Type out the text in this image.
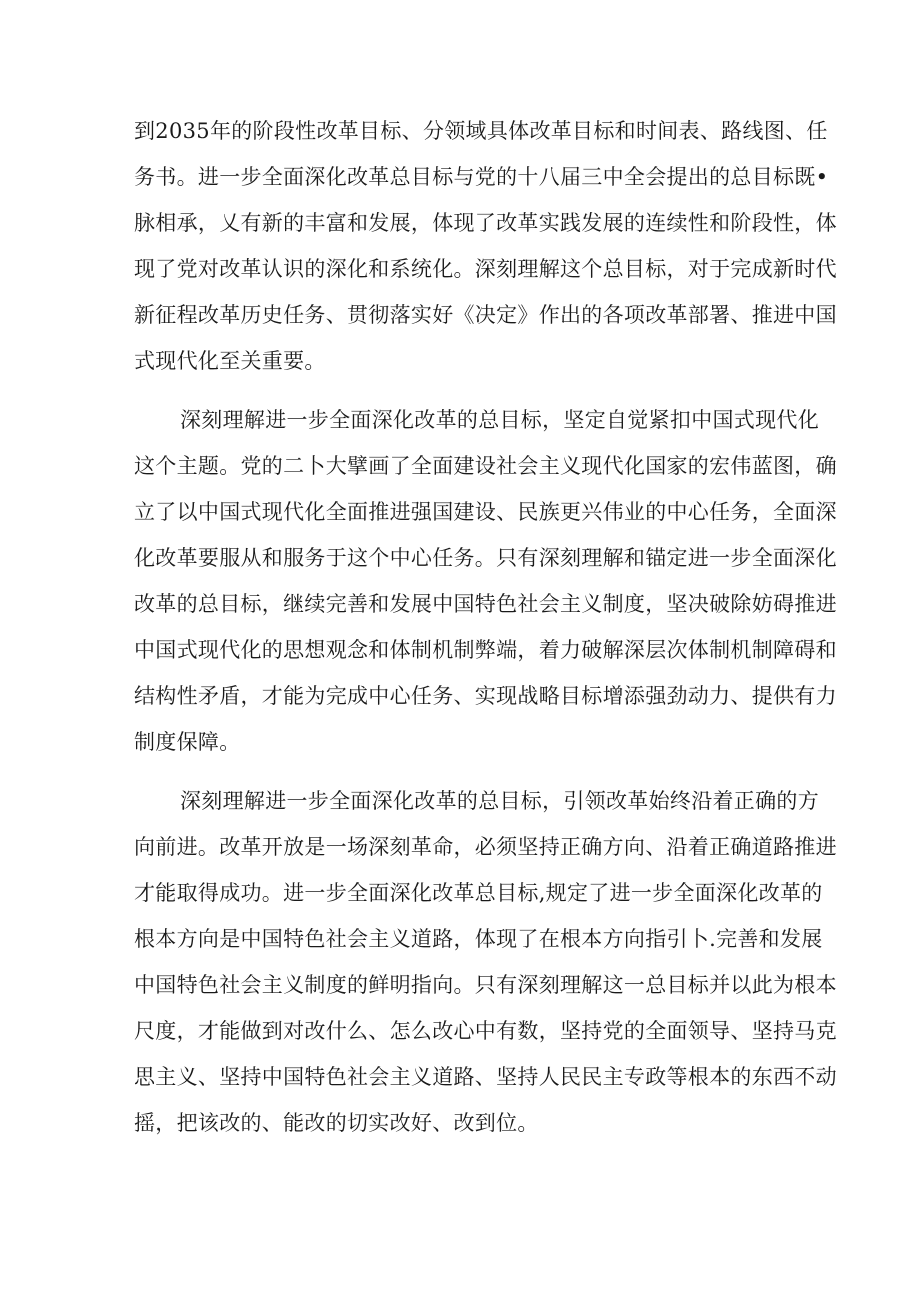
到2035年的阶段性改革目标、分领域具体改革目标和时间表、路线图、任
务书。进一步全面深化改革总目标与党的十八届三中全会提出的总目标既•
脉相承，乂有新的丰富和发展，体现了改革实践发展的连续性和阶段性，体
现了党对改革认识的深化和系统化。深刻理解这个总目标，对于完成新时代
新征程改革历史任务、贯彻落实好《决定》作出的各项改革部署、推进中国
式现代化至关重要。
深刻理解进一步全面深化改革的总目标，坚定自觉紧扣中国式现代化
这个主题。党的二卜大擘画了全面建设社会主义现代化国家的宏伟蓝图，确
立了以中国式现代化全面推进强国建设、民族更兴伟业的中心任务，全面深
化改革要服从和服务于这个中心任务。只有深刻理解和锚定进一步全面深化
改革的总目标，继续完善和发展中国特色社会主义制度，坚决破除妨碍推进
中国式现代化的思想观念和体制机制弊端，着力破解深层次体制机制障碍和
结构性矛盾，才能为完成中心任务、实现战略目标增添强劲动力、提供有力
制度保障。
深刻理解进一步全面深化改革的总目标，引领改革始终沿着正确的方
向前进。改革开放是一场深刻革命，必须坚持正确方向、沿着正确道路推进
才能取得成功。进一步全面深化改革总目标,规定了进一步全面深化改革的
根本方向是中国特色社会主义道路，体现了在根本方向指引卜.完善和发展
中国特色社会主义制度的鲜明指向。只有深刻理解这一总目标并以此为根本
尺度，才能做到对改什么、怎么改心中有数，坚持党的全面领导、坚持马克
思主义、坚持中国特色社会主义道路、坚持人民民主专政等根本的东西不动
摇，把该改的、能改的切实改好、改到位。
